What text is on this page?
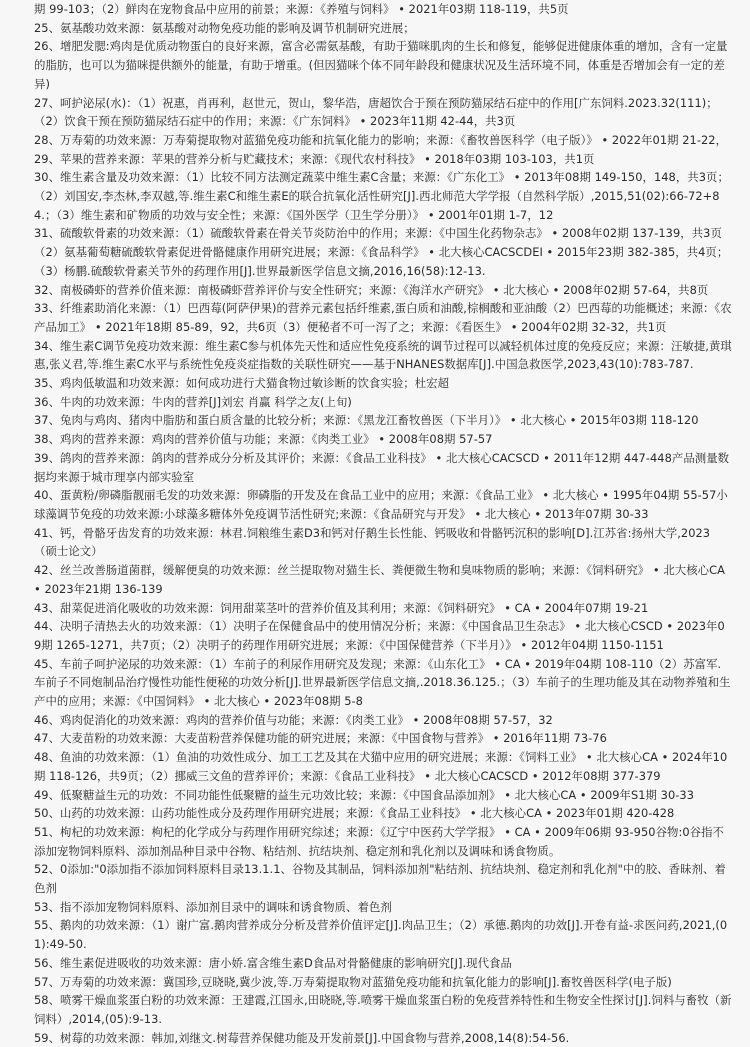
期 99-103；（2）鲜肉在宠物食品中应用的前景；来源：《养殖与饲料》 • 2021年03期 118-119，共5页
25、氨基酸功效来源：氨基酸对动物免疫功能的影响及调节机制研究进展；
26、增肥发腮:鸡肉是优质动物蛋白的良好来源，富含必需氨基酸，有助于猫咪肌肉的生长和修复，能够促进健康体重的增加，含有一定量的脂肪，也可以为猫咪提供额外的能量，有助于增重。(但因猫咪个体不同年龄段和健康状况及生活环境不同，体重是否增加会有一定的差异)
27、呵护泌尿(水)：（1）祝惠，肖再利，赵世元，贺山，黎华浩，唐超饮合于预在预防猫尿结石症中的作用[广东饲料.2023.32(111)；（2）饮食干预在预防猫尿结石症中的作用；来源：《广东饲料》 • 2023年11期 42-44，共3页
28、万寿菊的功效来源：万寿菊提取物对蓝猫免疫功能和抗氧化能力的影响；来源：《畜牧兽医科学（电子版）》 • 2022年01期 21-22，
29、苹果的营养来源：苹果的营养分析与贮藏技术；来源：《现代农村科技》 • 2018年03期 103-103，共1页
30、维生素含量及功效来源：（1）比较不同方法测定蔬菜中维生素C含量；来源：《广东化工》 • 2013年08期 149-150，148，共3页；（2）刘国安,李杰林,李双越,等.维生素C和维生素E的联合抗氧化活性研究[J].西北师范大学学报（自然科学版）,2015,51(02):66-72+84.；（3）维生素和矿物质的功效与安全性；来源：《国外医学（卫生学分册）》 • 2001年01期 1-7，12
31、硫酸软骨素的功效来源：（1）硫酸软骨素在骨关节炎防治中的作用；来源：《中国生化药物杂志》 • 2008年02期 137-139，共3页（2）氨基葡萄糖硫酸软骨素促进骨骼健康作用研究进展；来源：《食品科学》 • 北大核心CACSCDEI • 2015年23期 382-385，共4页；（3）杨鹏.硫酸软骨素关节外的药理作用[J].世界最新医学信息文摘,2016,16(58):12-13.
32、南极磷虾的营养价值来源：南极磷虾营养评价与安全性研究；来源：《海洋水产研究》 • 北大核心 • 2008年02期 57-64，共8页
33、纤维素助消化来源：（1）巴西莓(阿萨伊果)的营养元素包括纤维素,蛋白质和油酸,棕榈酸和亚油酸（2）巴西莓的功能概述；来源：《农产品加工》 • 2021年18期 85-89，92，共6页（3）便秘者不可一泻了之；来源：《看医生》 • 2004年02期 32-32，共1页
34、维生素C调节免疫功效来源：维生素C参与机体先天性和适应性免疫系统的调节过程可以减轻机体过度的免疫反应；来源：汪敏捷,黄琪惠,张义君,等.维生素C水平与系统性免疫炎症指数的关联性研究——基于NHANES数据库[J].中国急救医学,2023,43(10):783-787.
35、鸡肉低敏温和功效来源：如何成功进行犬猫食物过敏诊断的饮食实验；杜宏超
36、牛肉的功效来源：牛肉的营养[J]刘宏 肖赢 科学之友(上旬)
37、兔肉与鸡肉、猪肉中脂肪和蛋白质含量的比较分析；来源：《黑龙江畜牧兽医（下半月）》 • 北大核心 • 2015年03期 118-120
38、鸡肉的营养来源：鸡肉的营养价值与功能；来源：《肉类工业》 • 2008年08期 57-57
39、鸽肉的营养来源：鸽肉的营养成分分析及其评价；来源：《食品工业科技》 • 北大核心CACSCD • 2011年12期 447-448产品测量数据均来源于城市理享内部实验室
40、蛋黄粉/卵磷脂靓丽毛发的功效来源：卵磷脂的开发及在食品工业中的应用；来源：《食品工业》 • 北大核心 • 1995年04期 55-57小球藻调节免疫的功效来源:小球藻多糖体外免疫调节活性研究;来源：《食品研究与开发》 • 北大核心 • 2013年07期 30-33
41、钙，骨骼牙齿发育的功效来源：林君.饲粮维生素D3和钙对仔鹅生长性能、钙吸收和骨骼钙沉积的影响[D].江苏省:扬州大学,2023（硕士论文）
42、丝兰改善肠道菌群，缓解便臭的功效来源：丝兰提取物对猫生长、粪便微生物和臭味物质的影响；来源：《饲料研究》 • 北大核心CA • 2023年21期 136-139
43、甜菜促进消化吸收的功效来源：饲用甜菜茎叶的营养价值及其利用；来源：《饲料研究》 • CA • 2004年07期 19-21
44、决明子清热去火的功效来源：（1）决明子在保健食品中的使用情况分析；来源：《中国食品卫生杂志》 • 北大核心CSCD • 2023年09期 1265-1271，共7页；（2）决明子的药理作用研究进展；来源：《中国保健营养（下半月）》 • 2012年04期 1150-1151
45、车前子呵护泌尿的功效来源：（1）车前子的利尿作用研究及发现；来源：《山东化工》 • CA • 2019年04期 108-110（2）苏富军.车前子不同炮制品治疗慢性功能性便秘的功效分析[J].世界最新医学信息文摘,.2018.36.125.；（3）车前子的生理功能及其在动物养殖和生产中的应用；来源：《中国饲料》 • 北大核心 • 2023年08期 5-8
46、鸡肉促消化的功效来源：鸡肉的营养价值与功能；来源：《肉类工业》 • 2008年08期 57-57，32
47、大麦苗粉的功效来源：大麦苗粉营养保健功能的研究进展；来源：《中国食物与营养》 • 2016年11期 73-76
48、鱼油的功效来源：（1）鱼油的功效性成分、加工工艺及其在犬猫中应用的研究进展；来源：《饲料工业》 • 北大核心CA • 2024年10期 118-126，共9页；（2）挪威三文鱼的营养评价；来源：《食品工业科技》 • 北大核心CACSCD • 2012年08期 377-379
49、低聚糖益生元的功效：不同功能性低聚糖的益生元功效比较；来源：《中国食品添加剂》 • 北大核心CA • 2009年S1期 30-33
50、山药的功效来源：山药功能性成分及药理作用研究进展；来源：《食品工业科技》 • 北大核心CA • 2023年01期 420-428
51、枸杞的功效来源：枸杞的化学成分与药理作用研究综述；来源：《辽宁中医药大学学报》 • CA • 2009年06期 93-950谷物:0谷指不添加宠物饲料原料、添加剂品种目录中谷物、粘结剂、抗结块剂、稳定剂和乳化剂以及调味和诱食物质。
52、0添加:"0添加指不添加饲料原料目录13.1.1、谷物及其制品，饲料添加剂"粘结剂、抗结块剂、稳定剂和乳化剂"中的胶、香昧剂、着色剂
53、指不添加宠物饲料原料、添加剂目录中的调味和诱食物质、着色剂
55、鹅肉的功效来源：（1）谢广富.鹅肉营养成分分析及营养价值评定[J].肉品卫生；（2）承德.鹅肉的功效[J].开卷有益-求医问药,2021,(01):49-50.
56、维生素促进吸收的功效来源：唐小娇.富含维生素D食品对骨骼健康的影响研究[J].现代食品
57、万寿菊的功效来源：冀国珍,豆晓晓,冀少波,等.万寿菊提取物对蓝猫免疫功能和抗氧化能力的影响[J].畜牧兽医科学(电子版)
58、喷雾干燥血浆蛋白粉的功效来源：王建霞,江国永,田晓晓,等.喷雾干燥血浆蛋白粉的免疫营养特性和生物安全性探讨[J].饲料与畜牧（新饲料）,2014,(05):9-13.
59、树莓的功效来源：韩加,刘继文.树莓营养保健功能及开发前景[J].中国食物与营养,2008,14(8):54-56.
